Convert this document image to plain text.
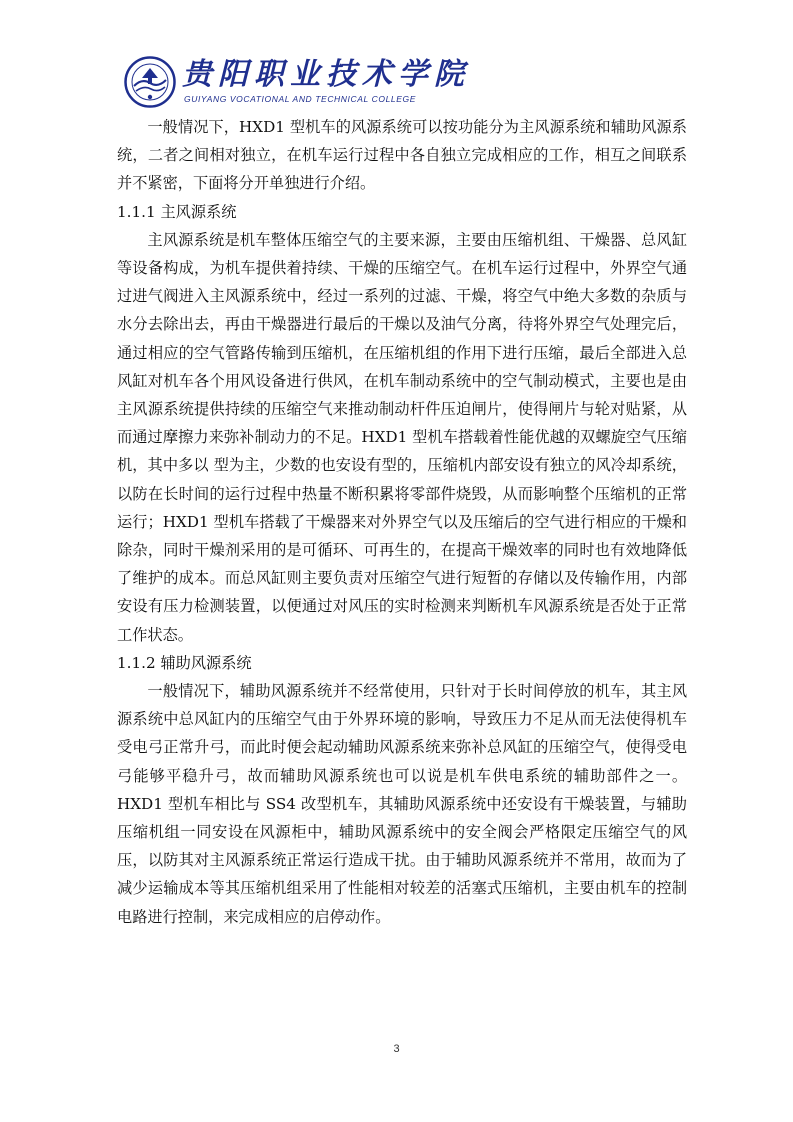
贵阳职业技术学院
GUIYANG VOCATIONAL AND TECHNICAL COLLEGE

一般情况下，HXD1 型机车的风源系统可以按功能分为主风源系统和辅助风源系统，二者之间相对独立，在机车运行过程中各自独立完成相应的工作，相互之间联系并不紧密，下面将分开单独进行介绍。

1.1.1 主风源系统

主风源系统是机车整体压缩空气的主要来源，主要由压缩机组、干燥器、总风缸等设备构成，为机车提供着持续、干燥的压缩空气。在机车运行过程中，外界空气通过进气阀进入主风源系统中，经过一系列的过滤、干燥，将空气中绝大多数的杂质与水分去除出去，再由干燥器进行最后的干燥以及油气分离，待将外界空气处理完后，通过相应的空气管路传输到压缩机，在压缩机组的作用下进行压缩，最后全部进入总风缸对机车各个用风设备进行供风，在机车制动系统中的空气制动模式，主要也是由主风源系统提供持续的压缩空气来推动制动杆件压迫闸片，使得闸片与轮对贴紧，从而通过摩擦力来弥补制动力的不足。HXD1 型机车搭载着性能优越的双螺旋空气压缩机，其中多以 型为主，少数的也安设有型的，压缩机内部安设有独立的风冷却系统，以防在长时间的运行过程中热量不断积累将零部件烧毁，从而影响整个压缩机的正常运行；HXD1 型机车搭载了干燥器来对外界空气以及压缩后的空气进行相应的干燥和除杂，同时干燥剂采用的是可循环、可再生的，在提高干燥效率的同时也有效地降低了维护的成本。而总风缸则主要负责对压缩空气进行短暂的存储以及传输作用，内部安设有压力检测装置，以便通过对风压的实时检测来判断机车风源系统是否处于正常工作状态。

1.1.2 辅助风源系统

一般情况下，辅助风源系统并不经常使用，只针对于长时间停放的机车，其主风源系统中总风缸内的压缩空气由于外界环境的影响，导致压力不足从而无法使得机车受电弓正常升弓，而此时便会起动辅助风源系统来弥补总风缸的压缩空气，使得受电弓能够平稳升弓，故而辅助风源系统也可以说是机车供电系统的辅助部件之一。HXD1 型机车相比与 SS4 改型机车，其辅助风源系统中还安设有干燥装置，与辅助压缩机组一同安设在风源柜中，辅助风源系统中的安全阀会严格限定压缩空气的风压，以防其对主风源系统正常运行造成干扰。由于辅助风源系统并不常用，故而为了减少运输成本等其压缩机组采用了性能相对较差的活塞式压缩机，主要由机车的控制电路进行控制，来完成相应的启停动作。

3
